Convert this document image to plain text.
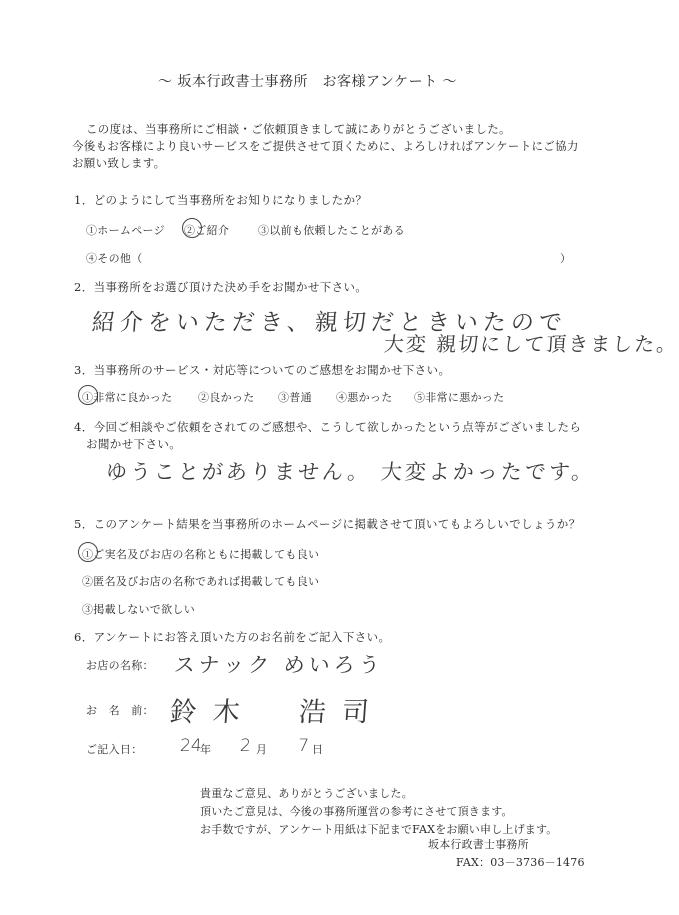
～ 坂本行政書士事務所　お客様アンケート ～
この度は、当事務所にご相談・ご依頼頂きまして誠にありがとうございました。
今後もお客様により良いサービスをご提供させて頂くために、よろしければアンケートにご協力
お願い致します。
1．どのようにして当事務所をお知りになりましたか？
①ホームページ ②ご紹介	③以前も依頼したことがある
④その他（	）
2．当事務所をお選び頂けた決め手をお聞かせ下さい。
紹介をいただき、親切だときいたので
大変 親切にして頂きました。
3．当事務所のサービス・対応等についてのご感想をお聞かせ下さい。
①非常に良かった ②良かった ③普通 ④悪かった ⑤非常に悪かった
4．今回ご相談やご依頼をされてのご感想や、こうして欲しかったという点等がございましたら
お聞かせ下さい。
ゆうことがありません。 大変よかったです。
5．このアンケート結果を当事務所のホームページに掲載させて頂いてもよろしいでしょうか？
①ご実名及びお店の名称ともに掲載しても良い
②匿名及びお店の名称であれば掲載しても良い
③掲載しないで欲しい
6．アンケートにお答え頂いた方のお名前をご記入下さい。
お店の名称： スナック めいろう
お　名　前： 鈴木　浩司
ご記入日： 24
年 2 月 7 日
貴重なご意見、ありがとうございました。
頂いたご意見は、今後の事務所運営の参考にさせて頂きます。
お手数ですが、アンケート用紙は下記までFAXをお願い申し上げます。
坂本行政書士事務所
FAX：03－3736－1476
